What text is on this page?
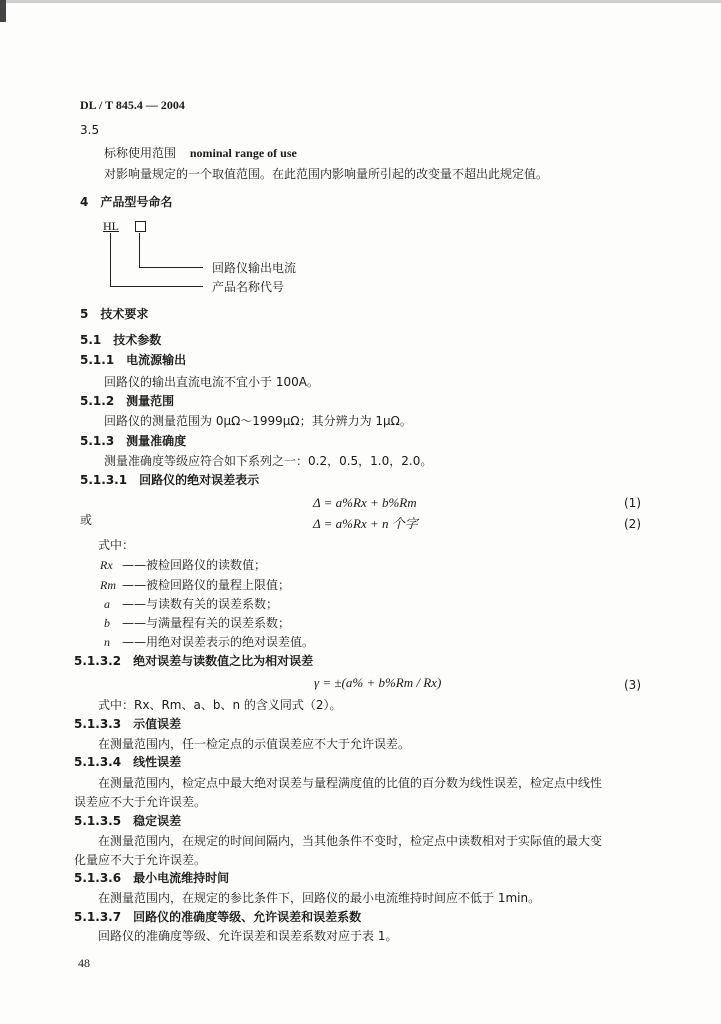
DL / T 845.4 — 2004
3.5
标称使用范围 nominal range of use
对影响量规定的一个取值范围。在此范围内影响量所引起的改变量不超出此规定值。
4　产品型号命名
HL
回路仪输出电流
产品名称代号
5　技术要求
5.1　技术参数
5.1.1　电流源输出
回路仪的输出直流电流不宜小于 100A。
5.1.2　测量范围
回路仪的测量范围为 0μΩ～1999μΩ；其分辨力为 1μΩ。
5.1.3　测量准确度
测量准确度等级应符合如下系列之一：0.2，0.5，1.0，2.0。
5.1.3.1　回路仪的绝对误差表示
Δ = a%Rx + b%Rm	(1)
或	Δ = a%Rx + n 个字	(2)
式中：
Rx ——被检回路仪的读数值；
Rm ——被检回路仪的量程上限值；
a ——与读数有关的误差系数；
b ——与满量程有关的误差系数；
n ——用绝对误差表示的绝对误差值。
5.1.3.2　绝对误差与读数值之比为相对误差
γ = ±(a% + b%Rm / Rx)	(3)
式中：Rx、Rm、a、b、n 的含义同式（2）。
5.1.3.3　示值误差
在测量范围内，任一检定点的示值误差应不大于允许误差。
5.1.3.4　线性误差
在测量范围内，检定点中最大绝对误差与量程满度值的比值的百分数为线性误差，检定点中线性
误差应不大于允许误差。
5.1.3.5　稳定误差
在测量范围内，在规定的时间间隔内，当其他条件不变时，检定点中读数相对于实际值的最大变
化量应不大于允许误差。
5.1.3.6　最小电流维持时间
在测量范围内，在规定的参比条件下，回路仪的最小电流维持时间应不低于 1min。
5.1.3.7　回路仪的准确度等级、允许误差和误差系数
回路仪的准确度等级、允许误差和误差系数对应于表 1。
48
